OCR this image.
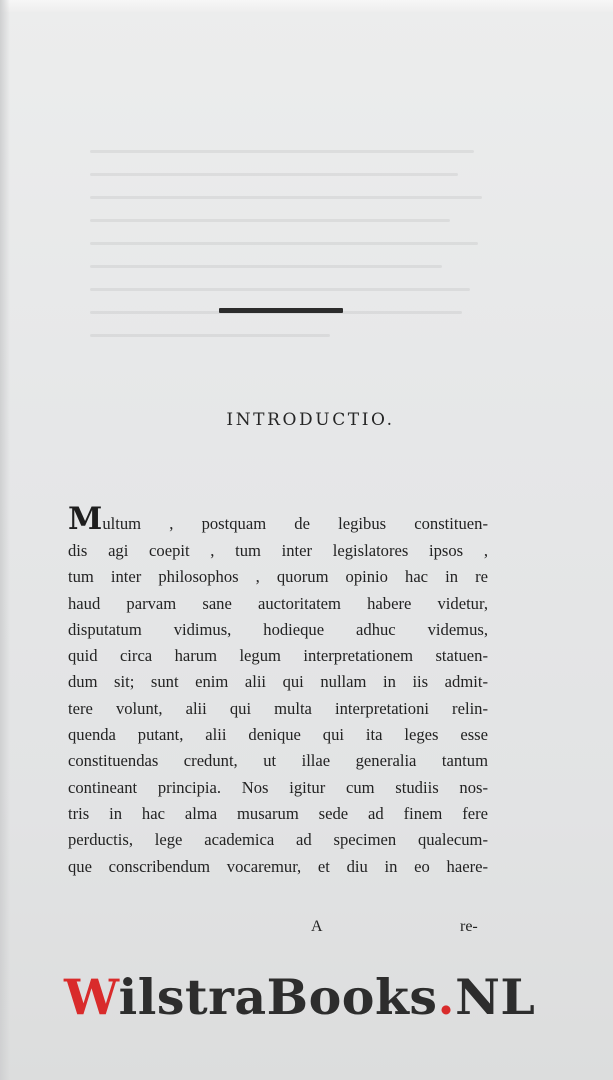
INTRODUCTIO.
Multum , postquam de legibus constituen-
dis agi coepit , tum inter legislatores ipsos ,
tum inter philosophos , quorum opinio hac in re
haud parvam sane auctoritatem habere videtur,
disputatum vidimus, hodieque adhuc videmus,
quid circa harum legum interpretationem statuen-
dum sit; sunt enim alii qui nullam in iis admit-
tere volunt, alii qui multa interpretationi relin-
quenda putant, alii denique qui ita leges esse
constituendas credunt, ut illae generalia tantum
contineant principia. Nos igitur cum studiis nos-
tris in hac alma musarum sede ad finem fere
perductis, lege academica ad specimen qualecum-
que conscribendum vocaremur, et diu in eo haere-
A	re-
WilstraBooks.NL
